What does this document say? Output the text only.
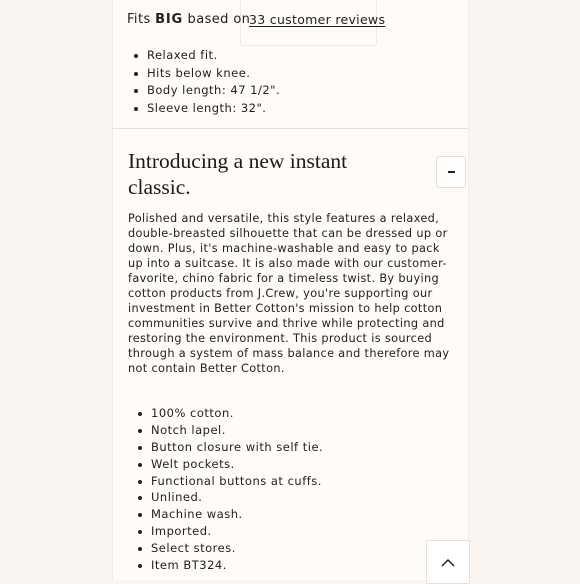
Fits BIG based on
33 customer reviews
Relaxed fit.
Hits below knee.
Body length: 47 1/2".
Sleeve length: 32".
Introducing a new instant classic.

Polished and versatile, this style features a relaxed, double-breasted silhouette that can be dressed up or down. Plus, it's machine-washable and easy to pack up into a suitcase. It is also made with our customer-favorite, chino fabric for a timeless twist. By buying cotton products from J.Crew, you're supporting our investment in Better Cotton's mission to help cotton communities survive and thrive while protecting and restoring the environment. This product is sourced through a system of mass balance and therefore may not contain Better Cotton.

100% cotton.
Notch lapel.
Button closure with self tie.
Welt pockets.
Functional buttons at cuffs.
Unlined.
Machine wash.
Imported.
Select stores.
Item BT324.
